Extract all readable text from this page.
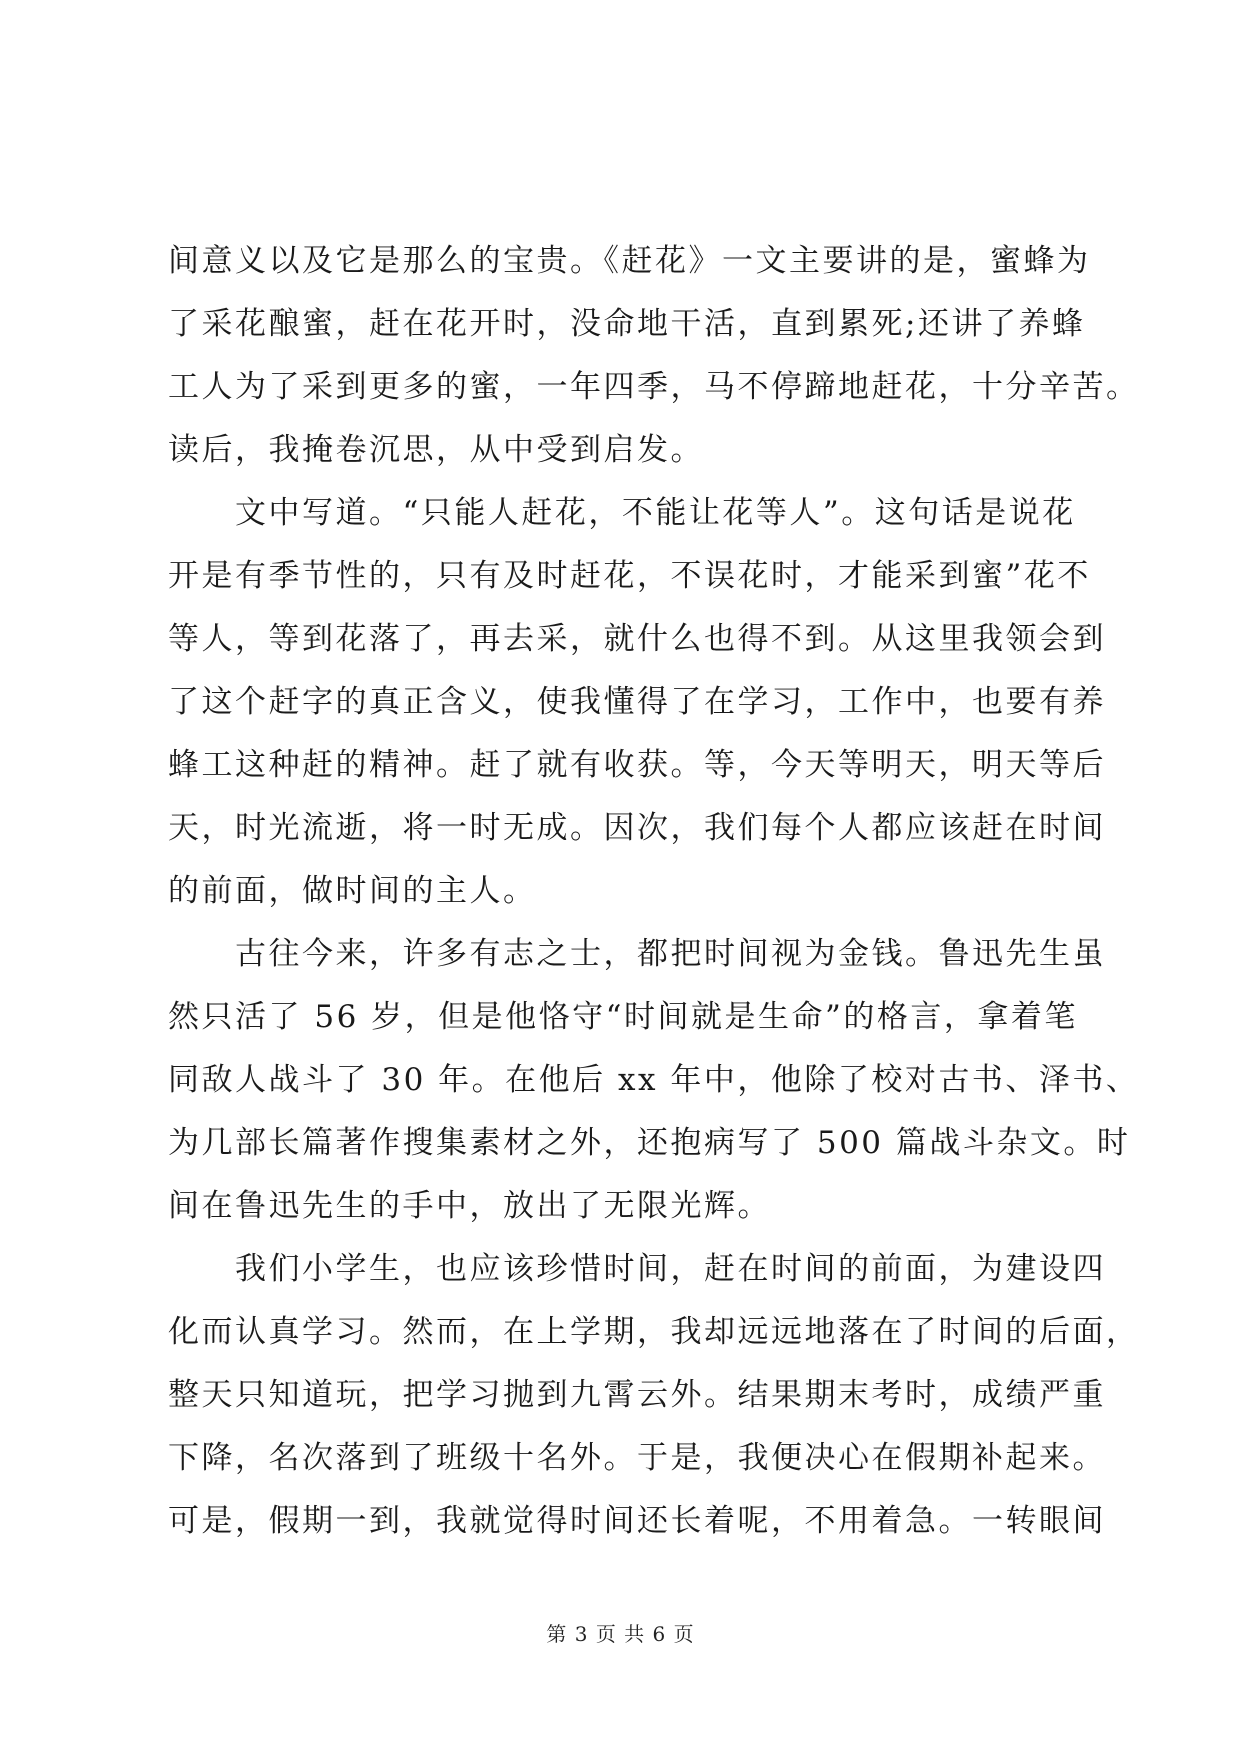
间意义以及它是那么的宝贵。《赶花》一文主要讲的是，蜜蜂为
了采花酿蜜，赶在花开时，没命地干活，直到累死;还讲了养蜂
工人为了采到更多的蜜，一年四季，马不停蹄地赶花，十分辛苦。
读后，我掩卷沉思，从中受到启发。
　　文中写道。“只能人赶花，不能让花等人”。这句话是说花
开是有季节性的，只有及时赶花，不误花时，才能采到蜜”花不
等人，等到花落了，再去采，就什么也得不到。从这里我领会到
了这个赶字的真正含义，使我懂得了在学习，工作中，也要有养
蜂工这种赶的精神。赶了就有收获。等，今天等明天，明天等后
天，时光流逝，将一时无成。因次，我们每个人都应该赶在时间
的前面，做时间的主人。
　　古往今来，许多有志之士，都把时间视为金钱。鲁迅先生虽
然只活了 56 岁，但是他恪守“时间就是生命”的格言，拿着笔
同敌人战斗了 30 年。在他后 xx 年中，他除了校对古书、泽书、
为几部长篇著作搜集素材之外，还抱病写了 500 篇战斗杂文。时
间在鲁迅先生的手中，放出了无限光辉。
　　我们小学生，也应该珍惜时间，赶在时间的前面，为建设四
化而认真学习。然而，在上学期，我却远远地落在了时间的后面，
整天只知道玩，把学习抛到九霄云外。结果期末考时，成绩严重
下降，名次落到了班级十名外。于是，我便决心在假期补起来。
可是，假期一到，我就觉得时间还长着呢，不用着急。一转眼间
第 3 页 共 6 页
